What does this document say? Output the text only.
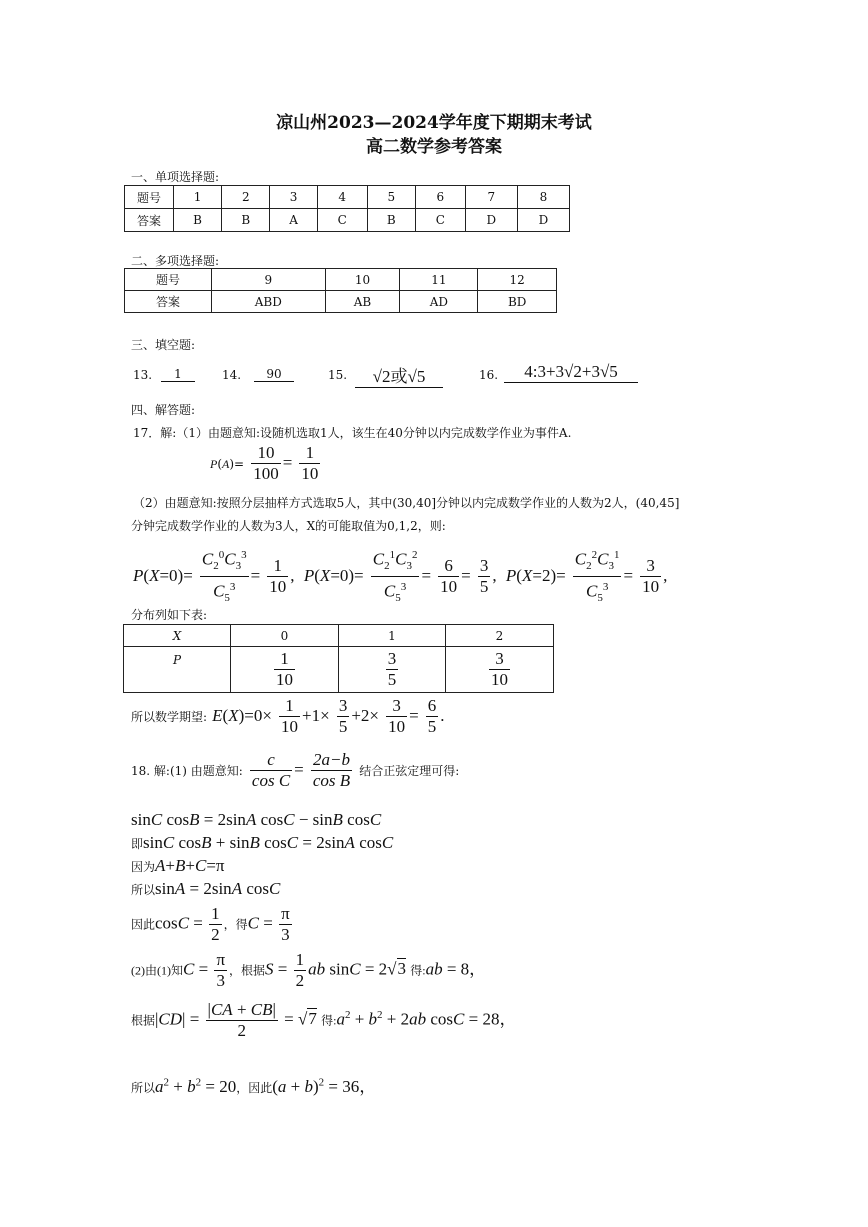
凉山州2023—2024学年度下期期末考试
高二数学参考答案
一、单项选择题:
题号	1	2	3	4	5	6	7	8
答案	B	B	A	C	B	C	D	D
二、多项选择题:
题号	9	10	11	12
答案	ABD	AB	AD	BD
三、填空题:
13.	1	14.	90	15.	√2或√5	16.	4:3+3√2+3√5
四、解答题:
17．解:（1）由题意知:设随机选取1人，该生在40分钟以内完成数学作业为事件A.
$P(A)= \frac{10}{100} = \frac{1}{10}$
（2）由题意知:按照分层抽样方式选取5人，其中(30,40]分钟以内完成数学作业的人数为2人，(40,45]
分钟完成数学作业的人数为3人，X的可能取值为0,1,2，则:
$P(X=0)= \frac{C_2^0C_3^3}{C_5^3} = \frac{1}{10}$ ,  $P(X=0)= \frac{C_2^1C_3^2}{C_5^3} = \frac{6}{10} = \frac{3}{5}$ ,  $P(X=2)= \frac{C_2^2C_3^1}{C_5^3} = \frac{3}{10}$ ,
分布列如下表:
X	0	1	2
P	$\frac{1}{10}$	$\frac{3}{5}$	$\frac{3}{10}$
所以数学期望: $E(X)=0\times \frac{1}{10} +1\times \frac{3}{5} +2\times \frac{3}{10} = \frac{6}{5}$ .
18. 解:(1) 由题意知: $\frac{c}{\text{cos C}} = \frac{2a-b}{\text{cos B}}$ 结合正弦定理可得:
sinC cosB = 2sinA cosC − sinB cosC
即sinC cosB + sinB cosC = 2sinA cosC
因为A+B+C=π
所以sinA = 2sinA cosC
因此$\cos C = \frac{1}{2}$ ，得$C = \frac{\pi}{3}$
(2)由(1)知$C = \frac{\pi}{3}$ ，根据$S = \frac{1}{2}$ ab sinC = 2√3 得:ab = 8，
根据$|CD| = \frac{|CA + CB|}{2} = √7$ 得$:a^2 + b^2 + 2ab$ cosC = 28，
所以$a^2 + b^2 = 20$，因此$(a + b)^2 = 36$，
